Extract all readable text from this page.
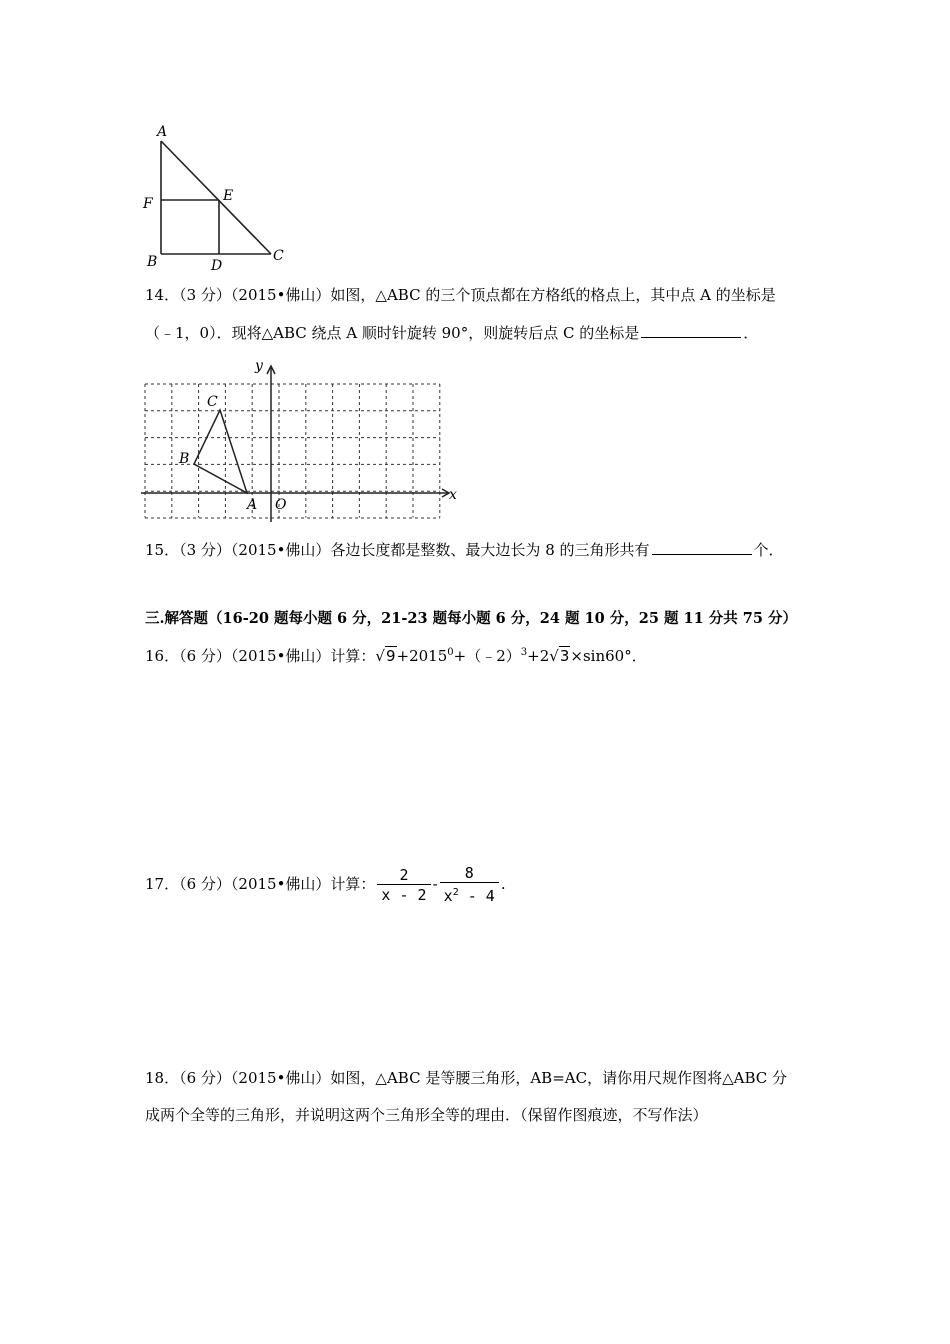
A
F	E
B	D
C
14．（3 分）（2015•佛山）如图，△ABC 的三个顶点都在方格纸的格点上，其中点 A 的坐标是
（﹣1，0）．现将△ABC 绕点 A 顺时针旋转 90°，则旋转后点 C 的坐标是	．
y
x
C
B
A O
15．（3 分）（2015•佛山）各边长度都是整数、最大边长为 8 的三角形共有	个．
三.解答题（16-20 题每小题 6 分，21-23 题每小题 6 分，24 题 10 分，25 题 11 分共 75 分）
16．（6 分）（2015•佛山）计算：$√9+2015^0+(﹣2)^3+2√3\times\sin 60^\circ$．
17．（6 分）（2015•佛山）计算： $\frac{2}{x - 2} - \frac{8}{x^2 - 4}$ .
18．（6 分）（2015•佛山）如图，△ABC 是等腰三角形，AB=AC，请你用尺规作图将△ABC 分
成两个全等的三角形，并说明这两个三角形全等的理由．（保留作图痕迹，不写作法）
